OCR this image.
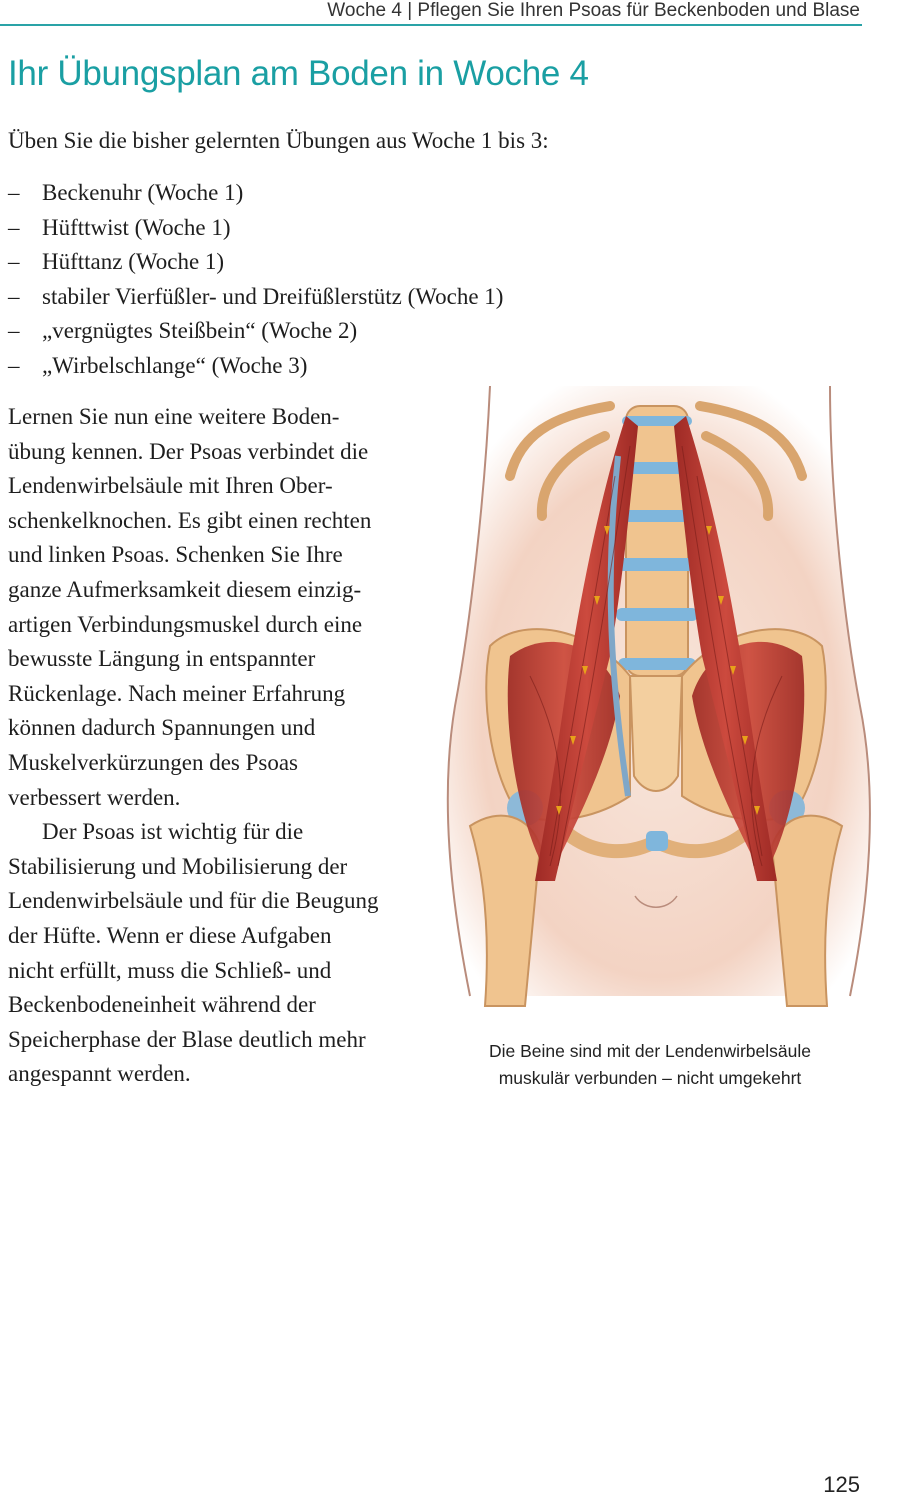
Woche 4 | Pflegen Sie Ihren Psoas für Beckenboden und Blase
Ihr Übungsplan am Boden in Woche 4

Üben Sie die bisher gelernten Übungen aus Woche 1 bis 3:

– Beckenuhr (Woche 1)
– Hüfttwist (Woche 1)
– Hüfttanz (Woche 1)
– stabiler Vierfüßler- und Dreifüßlerstütz (Woche 1)
– „vergnügtes Steißbein“ (Woche 2)
– „Wirbelschlange“ (Woche 3)
Lernen Sie nun eine weitere Boden-
übung kennen. Der Psoas verbindet die
Lendenwirbelsäule mit Ihren Ober-
schenkelknochen. Es gibt einen rechten
und linken Psoas. Schenken Sie Ihre
ganze Aufmerksamkeit diesem einzig-
artigen Verbindungsmuskel durch eine
bewusste Längung in entspannter
Rückenlage. Nach meiner Erfahrung
können dadurch Spannungen und
Muskelverkürzungen des Psoas
verbessert werden.
Der Psoas ist wichtig für die
Stabilisierung und Mobilisierung der
Lendenwirbelsäule und für die Beugung
der Hüfte. Wenn er diese Aufgaben
nicht erfüllt, muss die Schließ- und
Beckenbodeneinheit während der
Speicherphase der Blase deutlich mehr
angespannt werden.
Die Beine sind mit der Lendenwirbelsäule
muskulär verbunden – nicht umgekehrt
125
